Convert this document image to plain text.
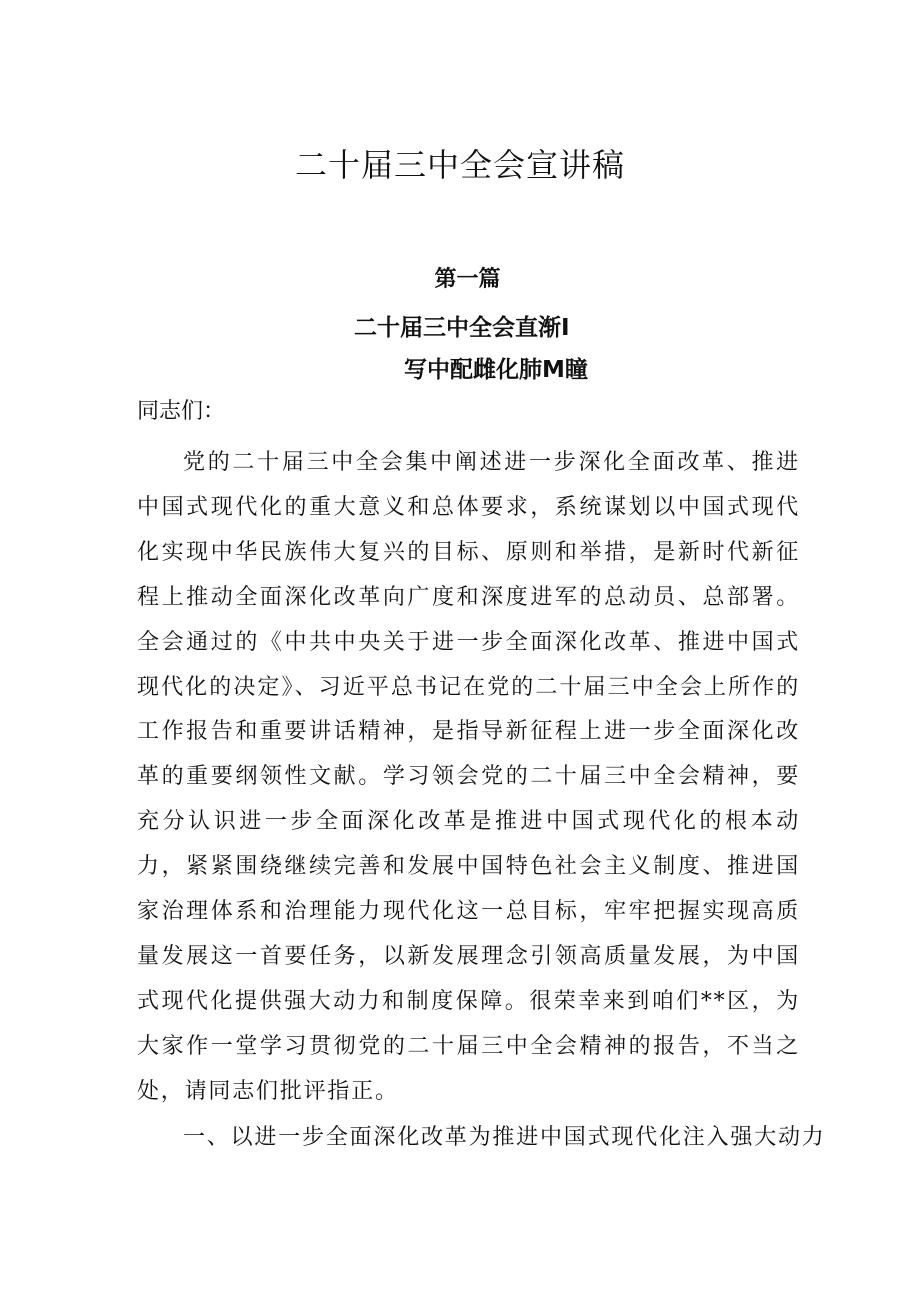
二十届三中全会宣讲稿
第一篇
二十届三中全会直渐I
写中配雌化肺M瞳
同志们：

党的二十届三中全会集中阐述进一步深化全面改革、推进中国式现代化的重大意义和总体要求，系统谋划以中国式现代化实现中华民族伟大复兴的目标、原则和举措，是新时代新征程上推动全面深化改革向广度和深度进军的总动员、总部署。全会通过的《中共中央关于进一步全面深化改革、推进中国式现代化的决定》、习近平总书记在党的二十届三中全会上所作的工作报告和重要讲话精神，是指导新征程上进一步全面深化改革的重要纲领性文献。学习领会党的二十届三中全会精神，要充分认识进一步全面深化改革是推进中国式现代化的根本动力，紧紧围绕继续完善和发展中国特色社会主义制度、推进国家治理体系和治理能力现代化这一总目标，牢牢把握实现高质量发展这一首要任务，以新发展理念引领高质量发展，为中国式现代化提供强大动力和制度保障。很荣幸来到咱们**区，为大家作一堂学习贯彻党的二十届三中全会精神的报告，不当之处，请同志们批评指正。

一、以进一步全面深化改革为推进中国式现代化注入强大动力
